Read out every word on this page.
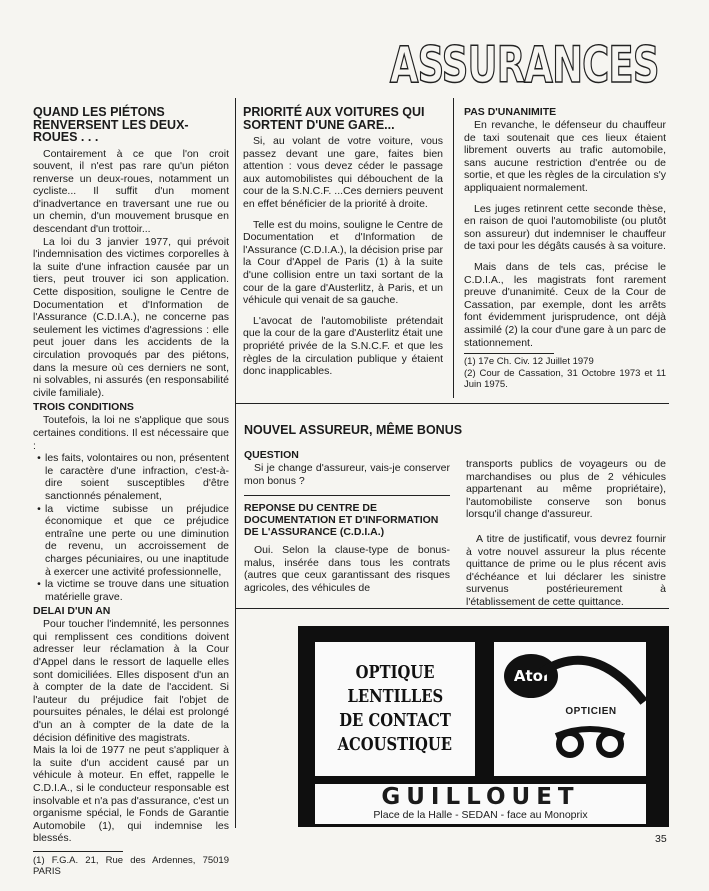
ASSURANCES
QUAND LES PIÉTONS RENVERSENT LES DEUX-ROUES . . .

Contairement à ce que l'on croit souvent, il n'est pas rare qu'un piéton renverse un deux-roues, notamment un cycliste... Il suffit d'un moment d'inadvertance en traversant une rue ou un chemin, d'un mouvement brusque en descendant d'un trottoir...

La loi du 3 janvier 1977, qui prévoit l'indemnisation des victimes corporelles à la suite d'une infraction causée par un tiers, peut trouver ici son application. Cette disposition, souligne le Centre de Documentation et d'Information de l'Assurance (C.D.I.A.), ne concerne pas seulement les victimes d'agressions : elle peut jouer dans les accidents de la circulation provoqués par des piétons, dans la mesure où ces derniers ne sont, ni solvables, ni assurés (en responsabilité civile familiale).

TROIS CONDITIONS

Toutefois, la loi ne s'applique que sous certaines conditions. Il est nécessaire que :

• les faits, volontaires ou non, présentent le caractère d'une infraction, c'est-à-dire soient susceptibles d'être sanctionnés pénalement,

• la victime subisse un préjudice économique et que ce préjudice entraîne une perte ou une diminution de revenu, un accroissement de charges pécuniaires, ou une inaptitude à exercer une activité professionnelle,

• la victime se trouve dans une situation matérielle grave.

DELAI D'UN AN

Pour toucher l'indemnité, les personnes qui remplissent ces conditions doivent adresser leur réclamation à la Cour d'Appel dans le ressort de laquelle elles sont domiciliées. Elles disposent d'un an à compter de la date de l'accident. Si l'auteur du préjudice fait l'objet de poursuites pénales, le délai est prolongé d'un an à compter de la date de la décision définitive des magistrats.

Mais la loi de 1977 ne peut s'appliquer à la suite d'un accident causé par un véhicule à moteur. En effet, rappelle le C.D.I.A., si le conducteur responsable est insolvable et n'a pas d'assurance, c'est un organisme spécial, le Fonds de Garantie Automobile (1), qui indemnise les blessés.

(1) F.G.A. 21, Rue des Ardennes, 75019 PARIS

PRIORITÉ AUX VOITURES QUI SORTENT D'UNE GARE...

Si, au volant de votre voiture, vous passez devant une gare, faites bien attention : vous devez céder le passage aux automobilistes qui débouchent de la cour de la S.N.C.F. ...Ces derniers peuvent en effet bénéficier de la priorité à droite.

Telle est du moins, souligne le Centre de Documentation et d'Information de l'Assurance (C.D.I.A.), la décision prise par la Cour d'Appel de Paris (1) à la suite d'une collision entre un taxi sortant de la cour de la gare d'Austerlitz, à Paris, et un véhicule qui venait de sa gauche.

L'avocat de l'automobiliste prétendait que la cour de la gare d'Austerlitz était une propriété privée de la S.N.C.F. et que les règles de la circulation publique y étaient donc inapplicables.

PAS D'UNANIMITE

En revanche, le défenseur du chauffeur de taxi soutenait que ces lieux étaient librement ouverts au trafic automobile, sans aucune restriction d'entrée ou de sortie, et que les règles de la circulation s'y appliquaient normalement.

Les juges retinrent cette seconde thèse, en raison de quoi l'automobiliste (ou plutôt son assureur) dut indemniser le chauffeur de taxi pour les dégâts causés à sa voiture.

Mais dans de tels cas, précise le C.D.I.A., les magistrats font rarement preuve d'unanimité. Ceux de la Cour de Cassation, par exemple, dont les arrêts font évidemment jurisprudence, ont déjà assimilé (2) la cour d'une gare à un parc de stationnement.

(1) 17e Ch. Civ. 12 Juillet 1979

(2) Cour de Cassation, 31 Octobre 1973 et 11 Juin 1975.

NOUVEL ASSUREUR, MÊME BONUS
QUESTION

Si je change d'assureur, vais-je conserver mon bonus ?

REPONSE DU CENTRE DE DOCUMENTATION ET D'INFORMATION DE L'ASSURANCE (C.D.I.A.)

Oui. Selon la clause-type de bonus-malus, insérée dans tous les contrats (autres que ceux garantissant des risques agricoles, des véhicules de

transports publics de voyageurs ou de marchandises ou plus de 2 véhicules appartenant au même propriétaire), l'automobiliste conserve son bonus lorsqu'il change d'assureur.

A titre de justificatif, vous devrez fournir à votre nouvel assureur la plus récente quittance de prime ou le plus récent avis d'échéance et lui déclarer les sinistre survenus postérieurement à l'établissement de cette quittance.

OPTIQUE
LENTILLES
DE CONTACT
ACOUSTIQUE
Atol
OPTICIEN
GUILLOUET
Place de la Halle - SEDAN - face au Monoprix
35
